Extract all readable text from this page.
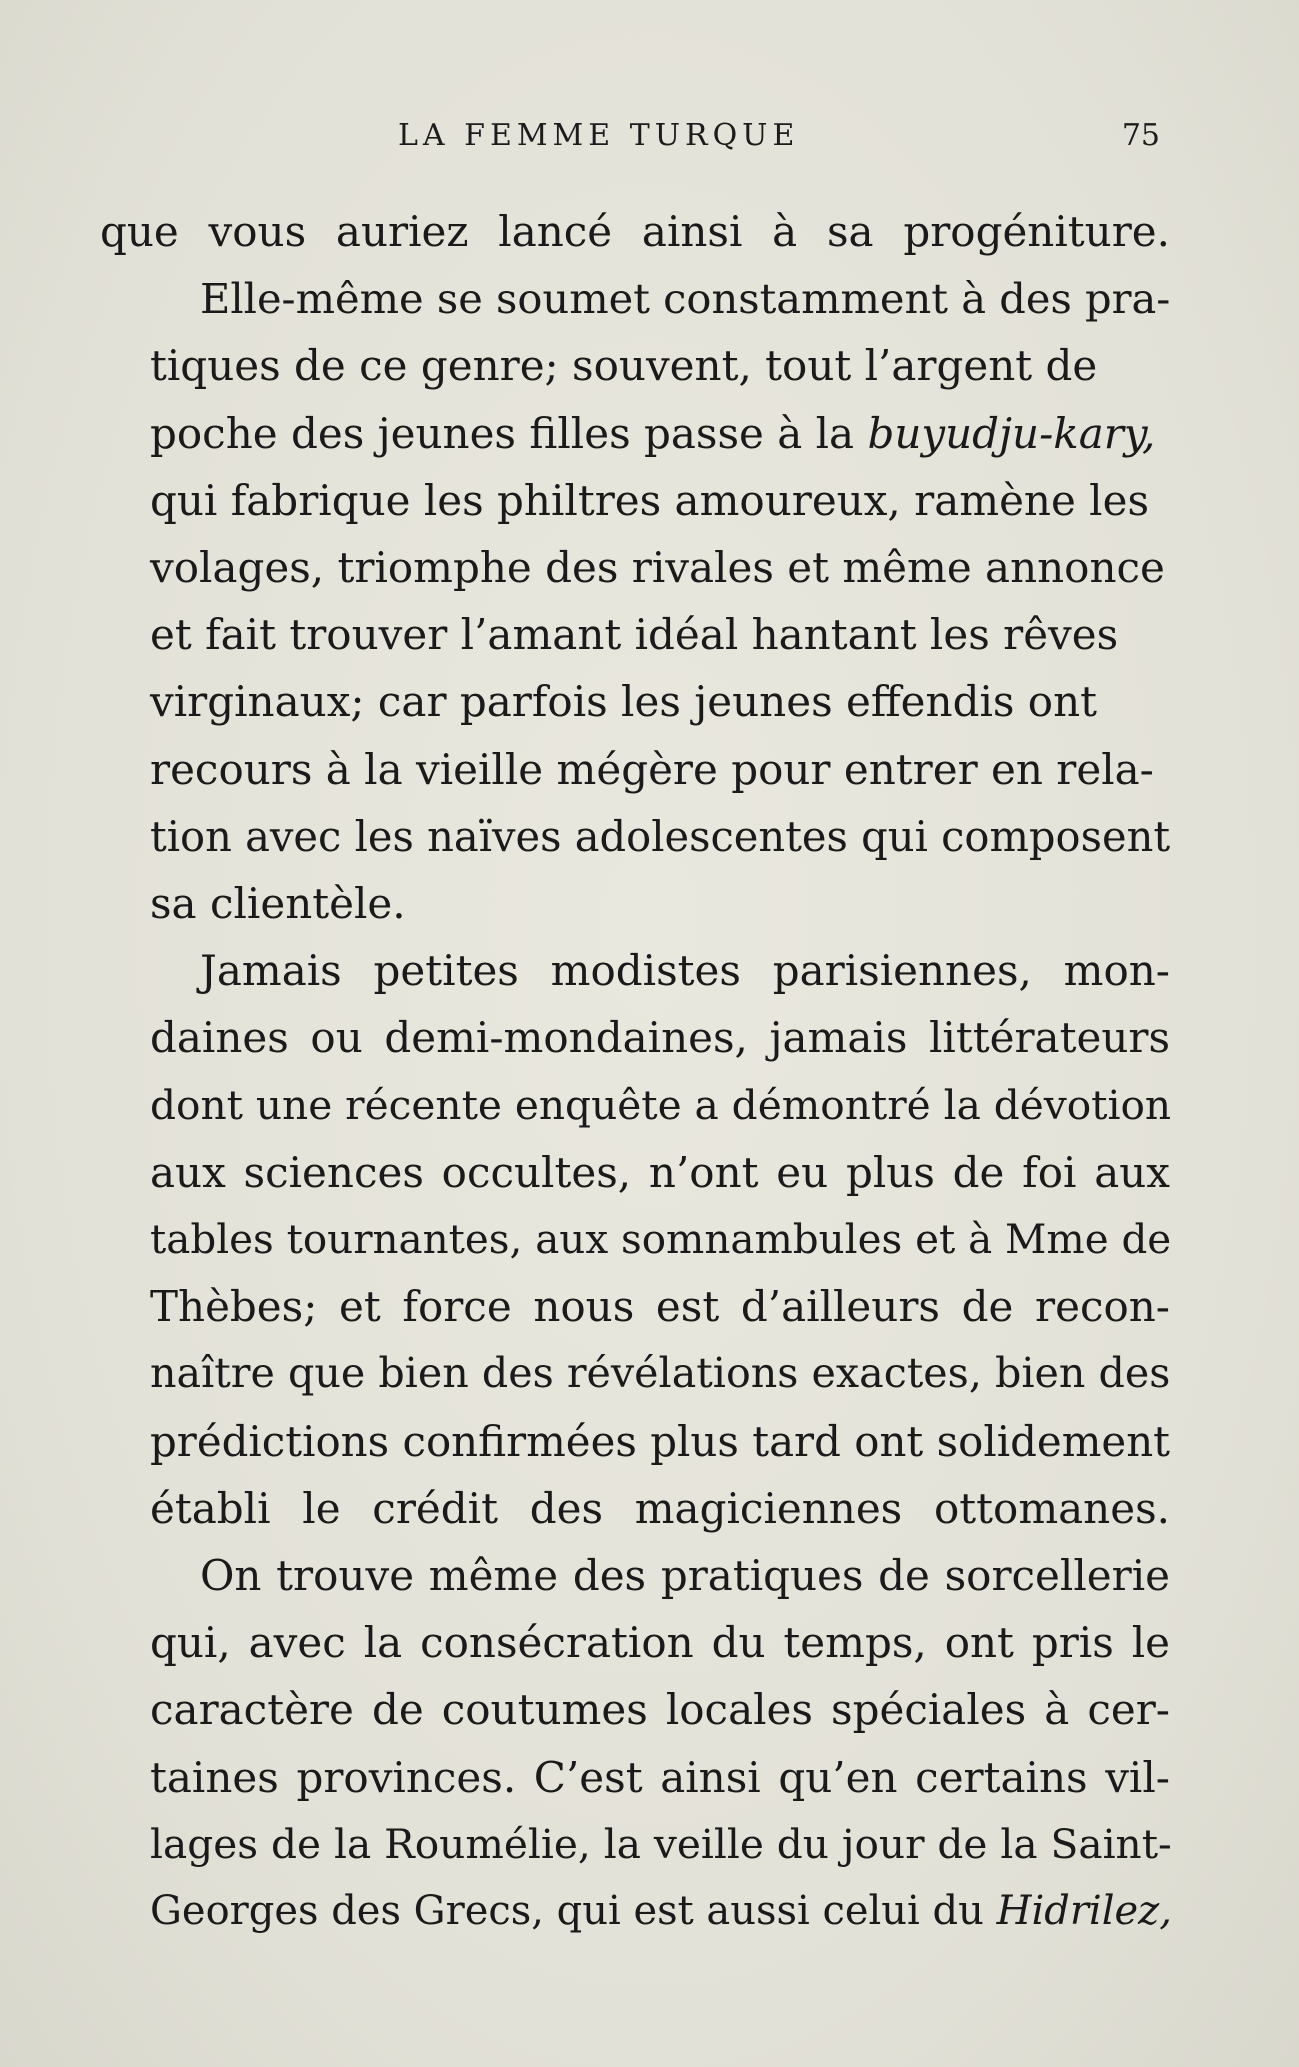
LA FEMME TURQUE	75

que vous auriez lancé ainsi à sa progéniture.

Elle-même se soumet constamment à des pra-
tiques de ce genre; souvent, tout l’argent de
poche des jeunes filles passe à la buyudju-kary,
qui fabrique les philtres amoureux, ramène les
volages, triomphe des rivales et même annonce
et fait trouver l’amant idéal hantant les rêves
virginaux; car parfois les jeunes effendis ont
recours à la vieille mégère pour entrer en rela-
tion avec les naïves adolescentes qui composent
sa clientèle.

Jamais petites modistes parisiennes, mon-
daines ou demi-mondaines, jamais littérateurs
dont une récente enquête a démontré la dévotion
aux sciences occultes, n’ont eu plus de foi aux
tables tournantes, aux somnambules et à Mme de
Thèbes; et force nous est d’ailleurs de recon-
naître que bien des révélations exactes, bien des
prédictions confirmées plus tard ont solidement
établi le crédit des magiciennes ottomanes.

On trouve même des pratiques de sorcellerie
qui, avec la consécration du temps, ont pris le
caractère de coutumes locales spéciales à cer-
taines provinces. C’est ainsi qu’en certains vil-
lages de la Roumélie, la veille du jour de la Saint-
Georges des Grecs, qui est aussi celui du Hidrilez,
